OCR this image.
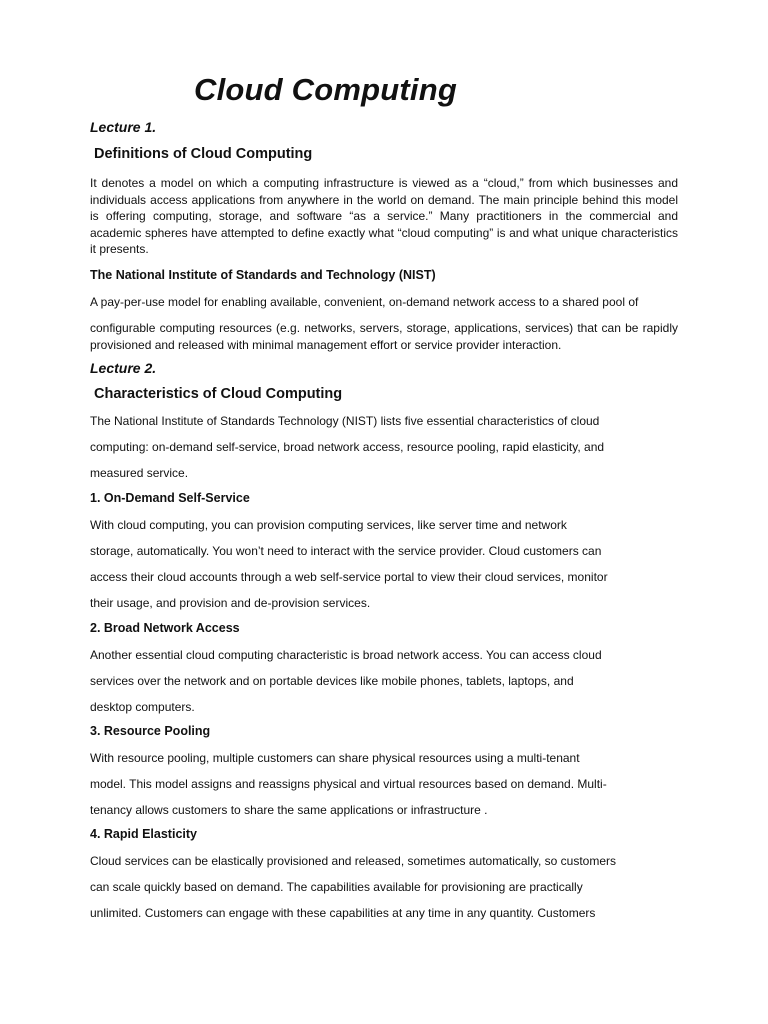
Cloud Computing

Lecture 1.

Definitions of Cloud Computing

It denotes a model on which a computing infrastructure is viewed as a “cloud,” from which businesses and individuals access applications from anywhere in the world on demand. The main principle behind this model is offering computing, storage, and software “as a service.” Many practitioners in the commercial and academic spheres have attempted to define exactly what “cloud computing” is and what unique characteristics it presents.

The National Institute of Standards and Technology (NIST)

A pay-per-use model for enabling available, convenient, on-demand network access to a shared pool of

configurable computing resources (e.g. networks, servers, storage, applications, services) that can be rapidly provisioned and released with minimal management effort or service provider interaction.

Lecture 2.

Characteristics of Cloud Computing

The National Institute of Standards Technology (NIST) lists five essential characteristics of cloud

computing: on-demand self-service, broad network access, resource pooling, rapid elasticity, and

measured service.

1. On-Demand Self-Service

With cloud computing, you can provision computing services, like server time and network

storage, automatically. You won’t need to interact with the service provider. Cloud customers can

access their cloud accounts through a web self-service portal to view their cloud services, monitor

their usage, and provision and de-provision services.

2. Broad Network Access

Another essential cloud computing characteristic is broad network access. You can access cloud

services over the network and on portable devices like mobile phones, tablets, laptops, and

desktop computers.

3. Resource Pooling

With resource pooling, multiple customers can share physical resources using a multi-tenant

model. This model assigns and reassigns physical and virtual resources based on demand. Multi-

tenancy allows customers to share the same applications or infrastructure .

4. Rapid Elasticity

Cloud services can be elastically provisioned and released, sometimes automatically, so customers

can scale quickly based on demand. The capabilities available for provisioning are practically

unlimited. Customers can engage with these capabilities at any time in any quantity. Customers
